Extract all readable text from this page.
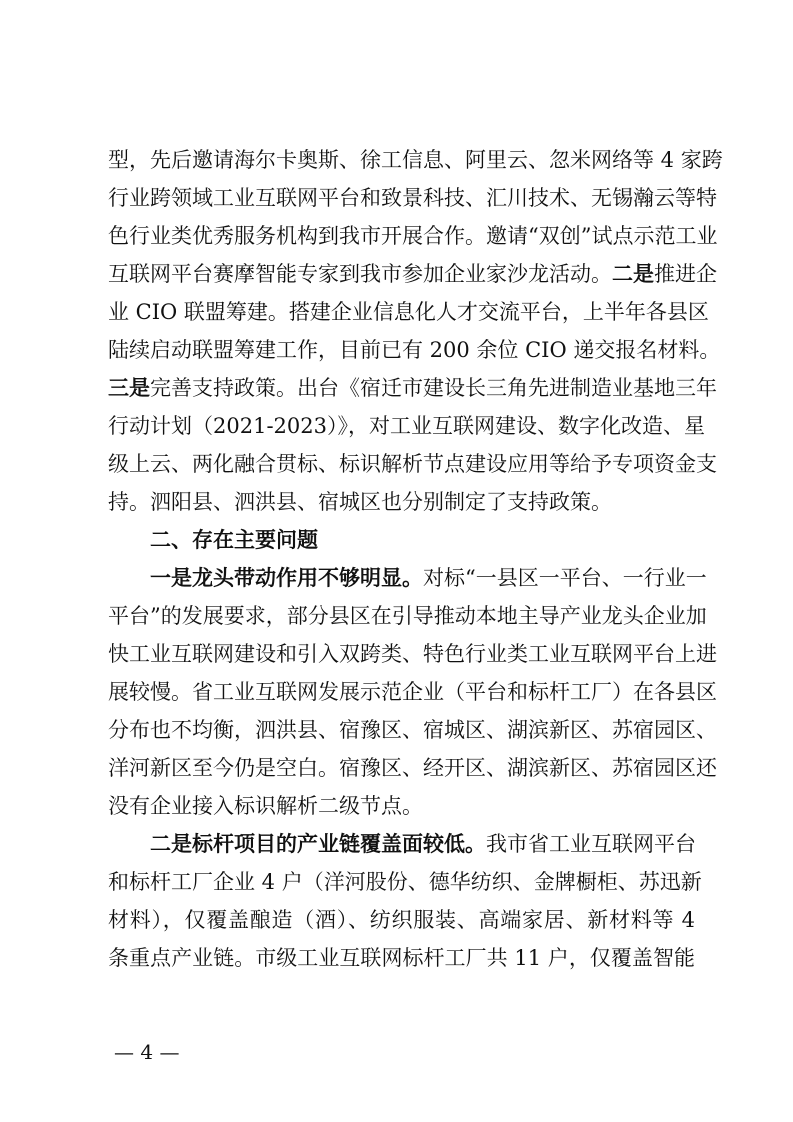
型，先后邀请海尔卡奥斯、徐工信息、阿里云、忽米网络等 4 家跨
行业跨领域工业互联网平台和致景科技、汇川技术、无锡瀚云等特
色行业类优秀服务机构到我市开展合作。邀请“双创”试点示范工业
互联网平台赛摩智能专家到我市参加企业家沙龙活动。二是推进企
业 CIO 联盟筹建。搭建企业信息化人才交流平台，上半年各县区
陆续启动联盟筹建工作，目前已有 200 余位 CIO 递交报名材料。
三是完善支持政策。出台《宿迁市建设长三角先进制造业基地三年
行动计划（2021-2023）》，对工业互联网建设、数字化改造、星
级上云、两化融合贯标、标识解析节点建设应用等给予专项资金支
持。泗阳县、泗洪县、宿城区也分别制定了支持政策。
二、存在主要问题
一是龙头带动作用不够明显。对标“一县区一平台、一行业一
平台”的发展要求，部分县区在引导推动本地主导产业龙头企业加
快工业互联网建设和引入双跨类、特色行业类工业互联网平台上进
展较慢。省工业互联网发展示范企业（平台和标杆工厂）在各县区
分布也不均衡，泗洪县、宿豫区、宿城区、湖滨新区、苏宿园区、
洋河新区至今仍是空白。宿豫区、经开区、湖滨新区、苏宿园区还
没有企业接入标识解析二级节点。
二是标杆项目的产业链覆盖面较低。我市省工业互联网平台
和标杆工厂企业 4 户（洋河股份、德华纺织、金牌橱柜、苏迅新
材料），仅覆盖酿造（酒）、纺织服装、高端家居、新材料等 4
条重点产业链。市级工业互联网标杆工厂共 11 户，仅覆盖智能
— 4 —
